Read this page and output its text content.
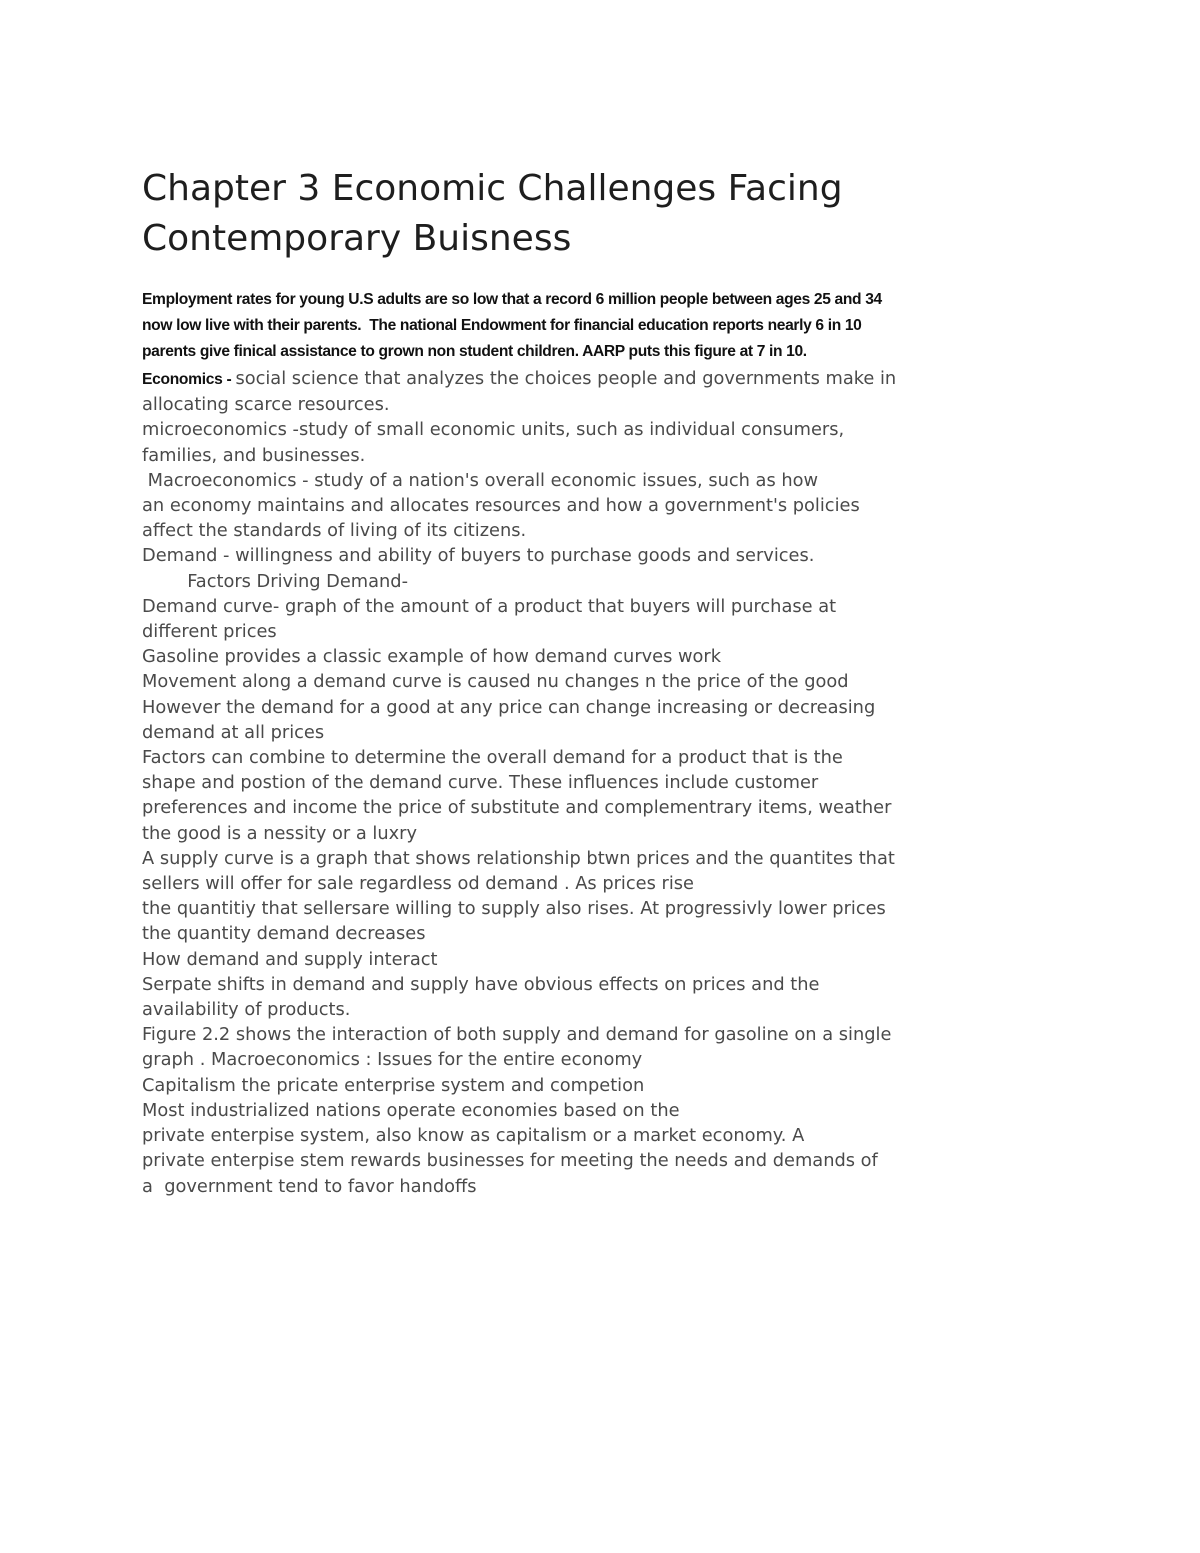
Chapter 3 Economic Challenges Facing
Contemporary Buisness
Employment rates for young U.S adults are so low that a record 6 million people between ages 25 and 34
now low live with their parents.  The national Endowment for financial education reports nearly 6 in 10
parents give finical assistance to grown non student children. AARP puts this figure at 7 in 10.
Economics - social science that analyzes the choices people and governments make in
allocating scarce resources.
microeconomics -study of small economic units, such as individual consumers,
families, and businesses.
Macroeconomics - study of a nation's overall economic issues, such as how
an economy maintains and allocates resources and how a government's policies
affect the standards of living of its citizens.
Demand - willingness and ability of buyers to purchase goods and services.
Factors Driving Demand-
Demand curve- graph of the amount of a product that buyers will purchase at
different prices
Gasoline provides a classic example of how demand curves work
Movement along a demand curve is caused nu changes n the price of the good
However the demand for a good at any price can change increasing or decreasing
demand at all prices
Factors can combine to determine the overall demand for a product that is the
shape and postion of the demand curve. These influences include customer
preferences and income the price of substitute and complementrary items, weather
the good is a nessity or a luxry
A supply curve is a graph that shows relationship btwn prices and the quantites that
sellers will offer for sale regardless od demand . As prices rise
the quantitiy that sellersare willing to supply also rises. At progressivly lower prices
the quantity demand decreases
How demand and supply interact
Serpate shifts in demand and supply have obvious effects on prices and the
availability of products.
Figure 2.2 shows the interaction of both supply and demand for gasoline on a single
graph . Macroeconomics : Issues for the entire economy
Capitalism the pricate enterprise system and competion
Most industrialized nations operate economies based on the
private enterpise system, also know as capitalism or a market economy. A
private enterpise stem rewards businesses for meeting the needs and demands of
a  government tend to favor handoffs
